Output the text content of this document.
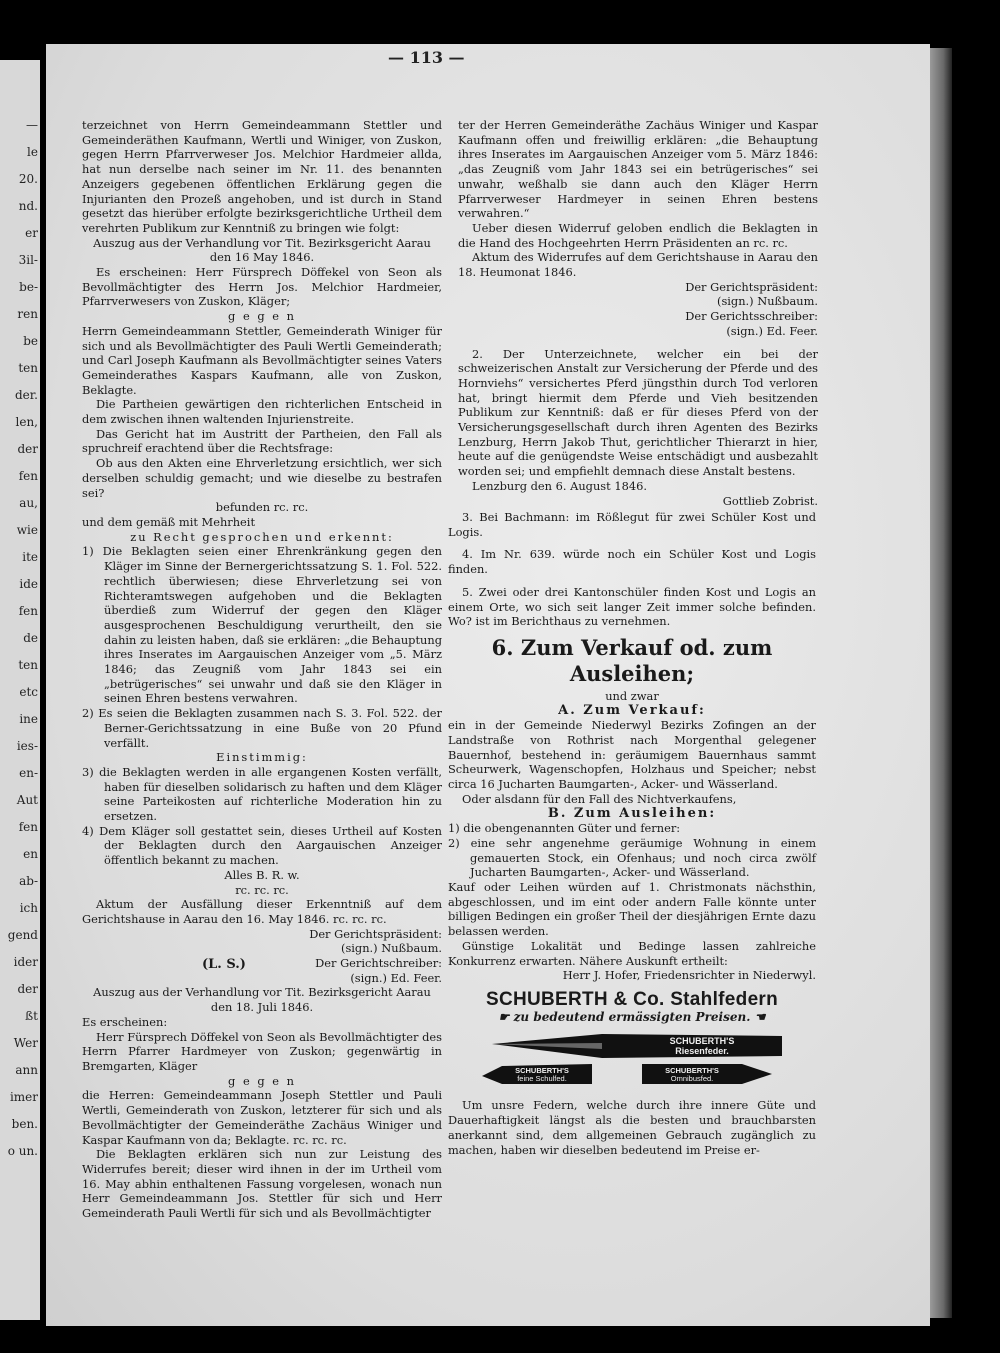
—
le
20.
nd.
er
3il-
be-
ren
be
ten
der.
len,
der
fen
au,
wie
ite
ide
fen
de
ten
etc
ine
ies-
en-
Aut
fen
en
ab-
ich
gend
ider
der
ßt
Wer
ann
imer
ben.
o un.
— 113 —

terzeichnet von Herrn Gemeindeammann Stettler und Gemeinderäthen Kaufmann, Wertli und Winiger, von Zuskon, gegen Herrn Pfarrverweser Jos. Melchior Hardmeier allda, hat nun derselbe nach seiner im Nr. 11. des benannten Anzeigers gegebenen öffentlichen Erklärung gegen die Injurianten den Prozeß angehoben, und ist durch in Stand gesetzt das hierüber erfolgte bezirksgerichtliche Urtheil dem verehrten Publikum zur Kenntniß zu bringen wie folgt:

Auszug aus der Verhandlung vor Tit. Bezirksgericht Aarau den 16 May 1846.

Es erscheinen: Herr Fürsprech Döffekel von Seon als Bevollmächtigter des Herrn Jos. Melchior Hardmeier, Pfarrverwesers von Zuskon, Kläger;

g e g e n

Herrn Gemeindeammann Stettler, Gemeinderath Winiger für sich und als Bevollmächtigter des Pauli Wertli Gemeinderath; und Carl Joseph Kaufmann als Bevollmächtigter seines Vaters Gemeinderathes Kaspars Kaufmann, alle von Zuskon, Beklagte.

Die Partheien gewärtigen den richterlichen Entscheid in dem zwischen ihnen waltenden Injurienstreite.

Das Gericht hat im Austritt der Partheien, den Fall als spruchreif erachtend über die Rechtsfrage:

Ob aus den Akten eine Ehrverletzung ersichtlich, wer sich derselben schuldig gemacht; und wie dieselbe zu bestrafen sei?

befunden rc. rc.

und dem gemäß mit Mehrheit

zu Recht gesprochen und erkennt:

1) Die Beklagten seien einer Ehrenkränkung gegen den Kläger im Sinne der Bernergerichtssatzung S. 1. Fol. 522. rechtlich überwiesen; diese Ehrverletzung sei von Richteramtswegen aufgehoben und die Beklagten überdieß zum Widerruf der gegen den Kläger ausgesprochenen Beschuldigung verurtheilt, den sie dahin zu leisten haben, daß sie erklären: „die Behauptung ihres Inserates im Aargauischen Anzeiger vom „5. März 1846; das Zeugniß vom Jahr 1843 sei ein „betrügerisches“ sei unwahr und daß sie den Kläger in seinen Ehren bestens verwahren.

2) Es seien die Beklagten zusammen nach S. 3. Fol. 522. der Berner-Gerichtssatzung in eine Buße von 20 Pfund verfällt.

Einstimmig:

3) die Beklagten werden in alle ergangenen Kosten verfällt, haben für dieselben solidarisch zu haften und dem Kläger seine Parteikosten auf richterliche Moderation hin zu ersetzen.

4) Dem Kläger soll gestattet sein, dieses Urtheil auf Kosten der Beklagten durch den Aargauischen Anzeiger öffentlich bekannt zu machen.

Alles B. R. w.

rc. rc. rc.

Aktum der Ausfällung dieser Erkenntniß auf dem Gerichtshause in Aarau den 16. May 1846. rc. rc. rc.

Der Gerichtspräsident:

(sign.) Nußbaum.

Der Gerichtschreiber:

(sign.) Ed. Feer.

(L. S.)

Auszug aus der Verhandlung vor Tit. Bezirksgericht Aarau den 18. Juli 1846.

Es erscheinen:

Herr Fürsprech Döffekel von Seon als Bevollmächtigter des Herrn Pfarrer Hardmeyer von Zuskon; gegenwärtig in Bremgarten, Kläger

g e g e n

die Herren: Gemeindeammann Joseph Stettler und Pauli Wertli, Gemeinderath von Zuskon, letzterer für sich und als Bevollmächtigter der Gemeinderäthe Zachäus Winiger und Kaspar Kaufmann von da; Beklagte. rc. rc. rc.

Die Beklagten erklären sich nun zur Leistung des Widerrufes bereit; dieser wird ihnen in der im Urtheil vom 16. May abhin enthaltenen Fassung vorgelesen, wonach nun Herr Gemeindeammann Jos. Stettler für sich und Herr Gemeinderath Pauli Wertli für sich und als Bevollmächtigter

ter der Herren Gemeinderäthe Zachäus Winiger und Kaspar Kaufmann offen und freiwillig erklären: „die Behauptung ihres Inserates im Aargauischen Anzeiger vom 5. März 1846: „das Zeugniß vom Jahr 1843 sei ein betrügerisches“ sei unwahr, weßhalb sie dann auch den Kläger Herrn Pfarrverweser Hardmeyer in seinen Ehren bestens verwahren.“

Ueber diesen Widerruf geloben endlich die Beklagten in die Hand des Hochgeehrten Herrn Präsidenten an rc. rc.

Aktum des Widerrufes auf dem Gerichtshause in Aarau den 18. Heumonat 1846.

Der Gerichtspräsident:

(sign.) Nußbaum.

Der Gerichtsschreiber:

(sign.) Ed. Feer.

2. Der Unterzeichnete, welcher ein bei der schweizerischen Anstalt zur Versicherung der Pferde und des Hornviehs“ versichertes Pferd jüngsthin durch Tod verloren hat, bringt hiermit dem Pferde und Vieh besitzenden Publikum zur Kenntniß: daß er für dieses Pferd von der Versicherungsgesellschaft durch ihren Agenten des Bezirks Lenzburg, Herrn Jakob Thut, gerichtlicher Thierarzt in hier, heute auf die genügendste Weise entschädigt und ausbezahlt worden sei; und empfiehlt demnach diese Anstalt bestens.

Lenzburg den 6. August 1846.

Gottlieb Zobrist.

3. Bei Bachmann: im Rößlegut für zwei Schüler Kost und Logis.

4. Im Nr. 639. würde noch ein Schüler Kost und Logis finden.

5. Zwei oder drei Kantonschüler finden Kost und Logis an einem Orte, wo sich seit langer Zeit immer solche befinden. Wo? ist im Berichthaus zu vernehmen.

6. Zum Verkauf od. zum Ausleihen;

und zwar

A. Zum Verkauf:

ein in der Gemeinde Niederwyl Bezirks Zofingen an der Landstraße von Rothrist nach Morgenthal gelegener Bauernhof, bestehend in: geräumigem Bauernhaus sammt Scheurwerk, Wagenschopfen, Holzhaus und Speicher; nebst circa 16 Jucharten Baumgarten-, Acker- und Wässerland.

Oder alsdann für den Fall des Nichtverkaufens,

B. Zum Ausleihen:

1) die obengenannten Güter und ferner:

2) eine sehr angenehme geräumige Wohnung in einem gemauerten Stock, ein Ofenhaus; und noch circa zwölf Jucharten Baumgarten-, Acker- und Wässerland.

Kauf oder Leihen würden auf 1. Christmonats nächsthin, abgeschlossen, und im eint oder andern Falle könnte unter billigen Bedingen ein großer Theil der diesjährigen Ernte dazu belassen werden.

Günstige Lokalität und Bedinge lassen zahlreiche Konkurrenz erwarten. Nähere Auskunft ertheilt:

Herr J. Hofer, Friedensrichter in Niederwyl.

SCHUBERTH & Co. Stahlfedern
☛ zu bedeutend ermässigten Preisen. ☚
SCHUBERTH'S
Riesenfeder.
SCHUBERTH'S
feine Schulfed.
SCHUBERTH'S
Omnibusfed.

Um unsre Federn, welche durch ihre innere Güte und Dauerhaftigkeit längst als die besten und brauchbarsten anerkannt sind, dem allgemeinen Gebrauch zugänglich zu machen, haben wir dieselben bedeutend im Preise er-
